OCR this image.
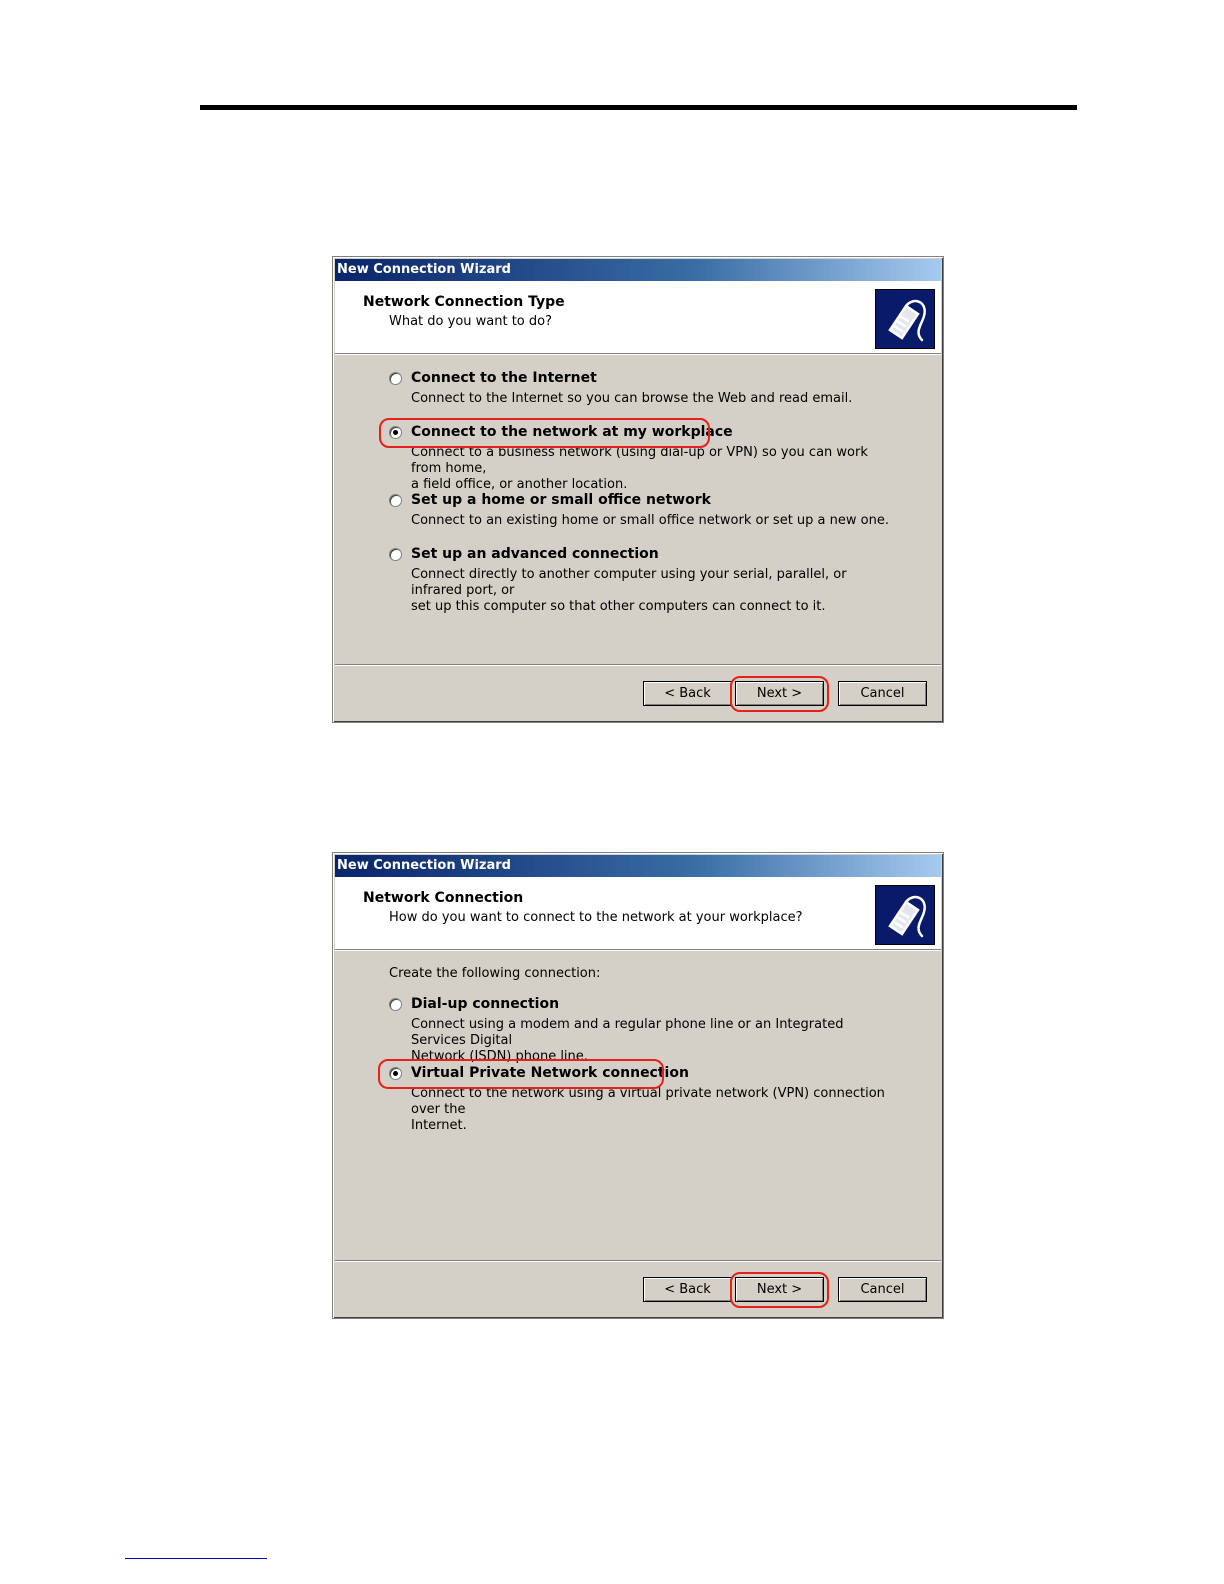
New Connection Wizard
Network Connection Type
What do you want to do?
Connect to the Internet
Connect to the Internet so you can browse the Web and read email.
Connect to the network at my workplace
Connect to a business network (using dial-up or VPN) so you can work from home,
a field office, or another location.
Set up a home or small office network
Connect to an existing home or small office network or set up a new one.
Set up an advanced connection
Connect directly to another computer using your serial, parallel, or infrared port, or
set up this computer so that other computers can connect to it.
< Back	Next >	Cancel
New Connection Wizard
Network Connection
How do you want to connect to the network at your workplace?
Create the following connection:
Dial-up connection
Connect using a modem and a regular phone line or an Integrated Services Digital
Network (ISDN) phone line.
Virtual Private Network connection
Connect to the network using a virtual private network (VPN) connection over the
Internet.
< Back	Next >	Cancel
